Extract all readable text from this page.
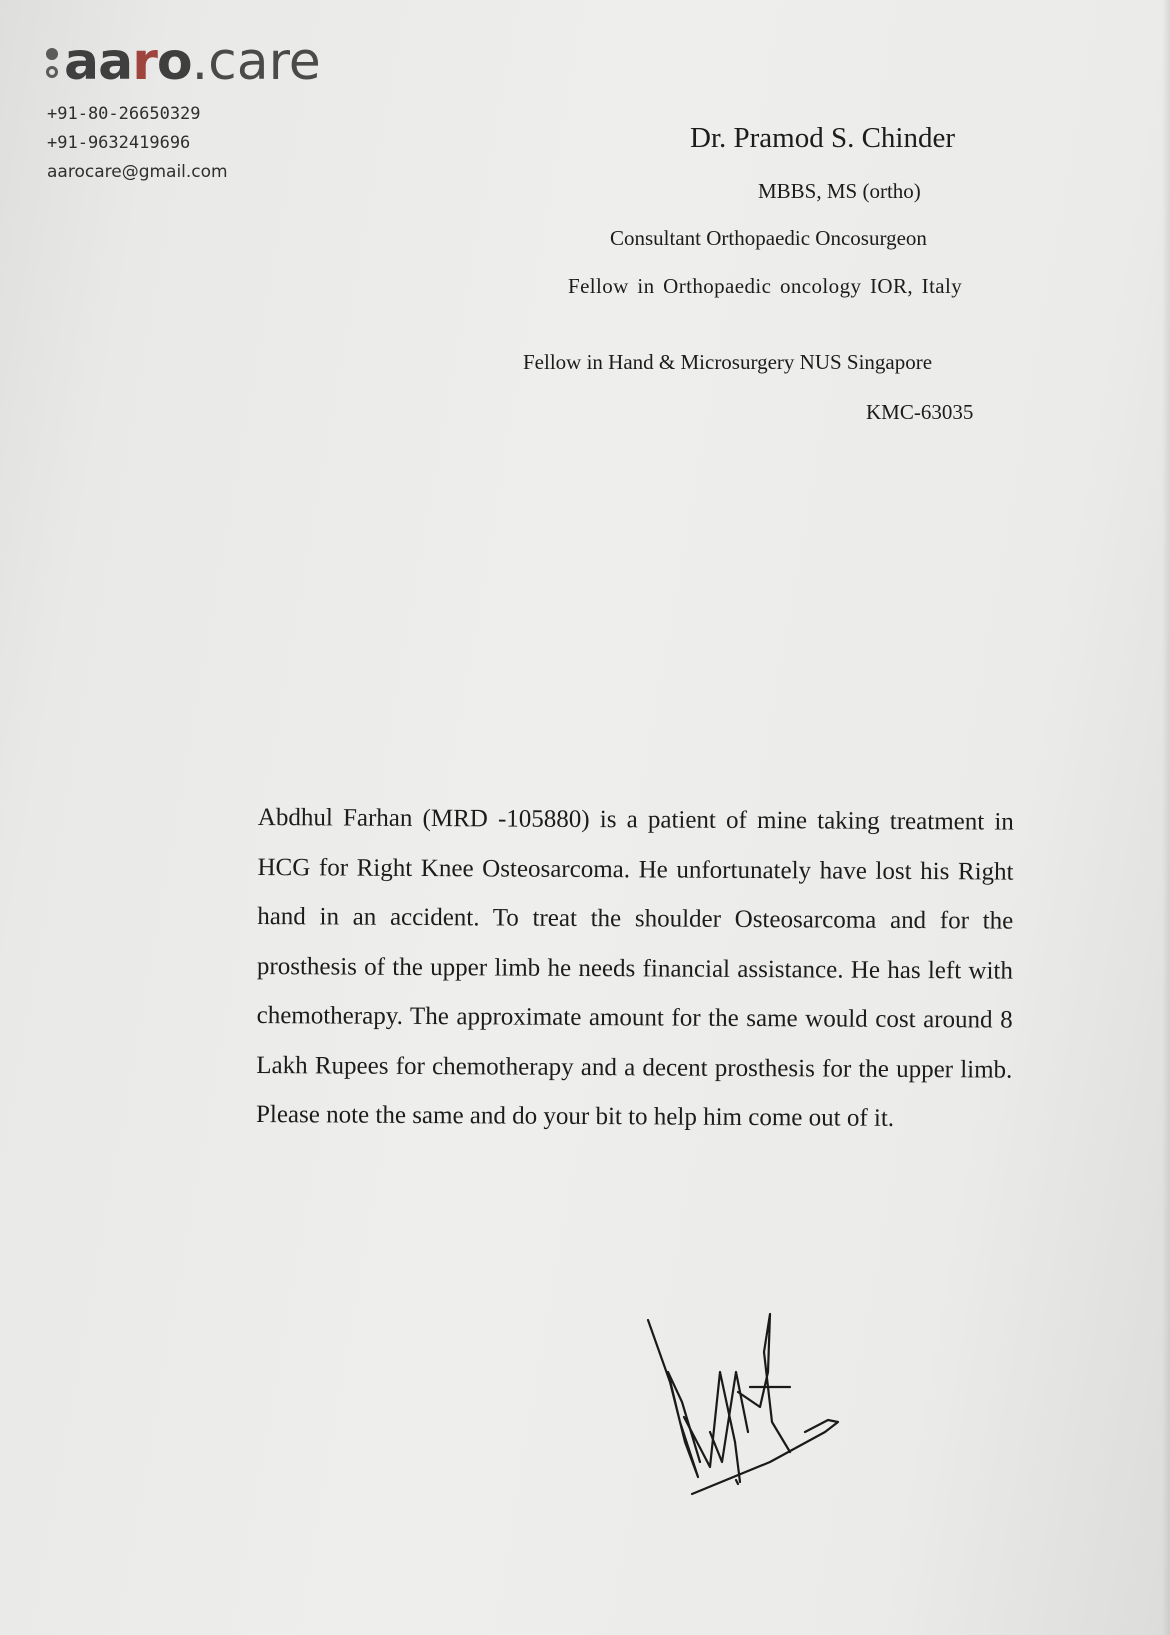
aaro .care
+91-80-26650329
+91-9632419696
aarocare@gmail.com
Dr. Pramod S. Chinder
MBBS, MS (ortho)
Consultant Orthopaedic Oncosurgeon
Fellow in Orthopaedic oncology IOR, Italy
Fellow in Hand & Microsurgery NUS Singapore
KMC-63035

Abdhul Farhan (MRD -105880) is a patient of mine taking treatment in HCG for Right Knee Osteosarcoma. He unfortunately have lost his Right hand in an accident. To treat the shoulder Osteosarcoma and for the prosthesis of the upper limb he needs financial assistance. He has left with chemotherapy. The approximate amount for the same would cost around 8 Lakh Rupees for chemotherapy and a decent prosthesis for the upper limb. Please note the same and do your bit to help him come out of it.
